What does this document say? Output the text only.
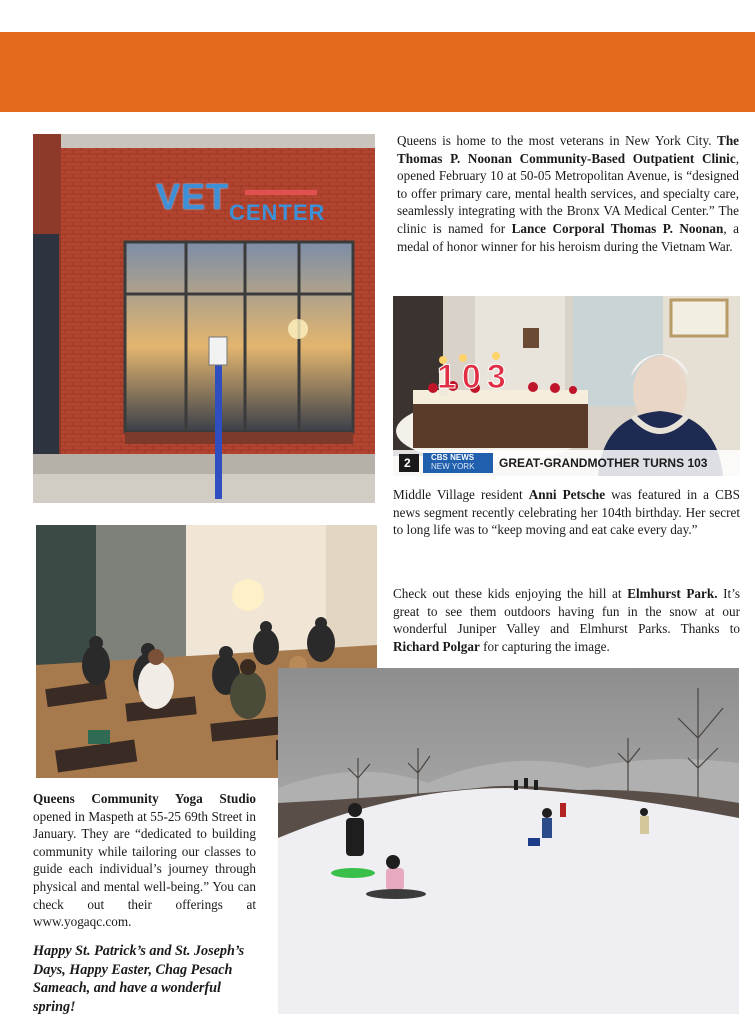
VET CENTER
Queens is home to the most veterans in New York City. The Thomas P. Noonan Community-Based Outpatient Clinic, opened February 10 at 50-05 Metropolitan Avenue, is “designed to offer primary care, mental health services, and specialty care, seamlessly integrating with the Bronx VA Medical Center.” The clinic is named for Lance Corporal Thomas P. Noonan, a medal of honor winner for his heroism during the Vietnam War.
2	CBS NEWS
NEW YORK GREAT-GRANDMOTHER TURNS 103
103
Middle Village resident Anni Petsche was featured in a CBS news segment recently celebrating her 104th birthday. Her secret to long life was to “keep moving and eat cake every day.”
Check out these kids enjoying the hill at Elmhurst Park. It’s great to see them outdoors having fun in the snow at our wonderful Juniper Valley and Elmhurst Parks. Thanks to Richard Polgar for capturing the image.
Queens Community Yoga Studio opened in Maspeth at 55-25 69th Street in January. They are “dedicated to building community while tailoring our classes to guide each individual’s journey through physical and mental well-being.” You can check out their offerings at www.yogaqc.com.
Happy St. Patrick’s and St. Joseph’s Days, Happy Easter, Chag Pesach Sameach, and have a wonderful spring!
